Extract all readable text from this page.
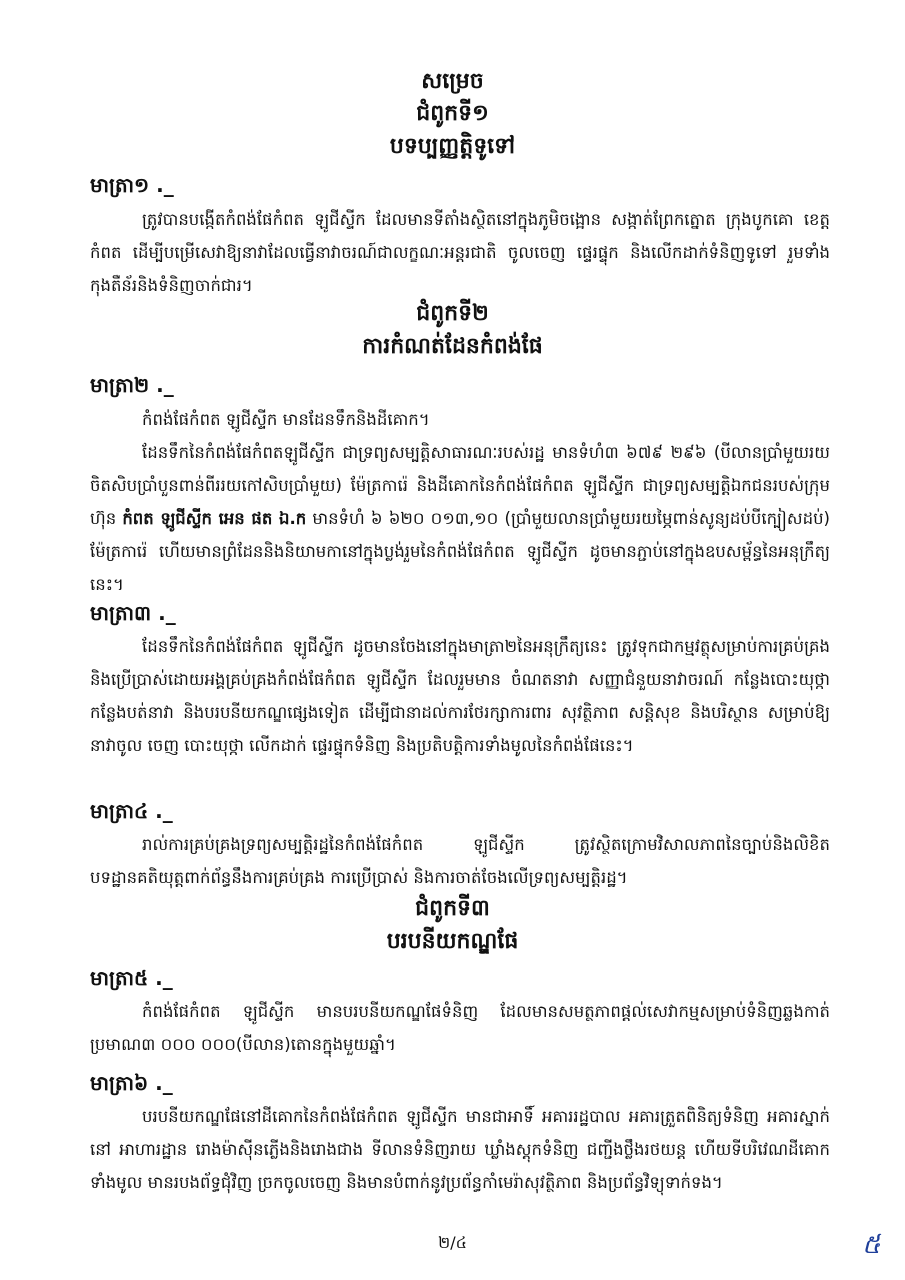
សម្រេច

ជំពូកទី១

បទប្បញ្ញត្តិទូទៅ

មាត្រា១ ._

ត្រូវបានបង្កើតកំពង់ផែកំពត ឡូជីស្ទីក ដែលមានទីតាំងស្ថិតនៅក្នុងភូមិចង្អោន សង្កាត់ព្រែកត្នោត ក្រុងបូកគោ ខេត្តកំពត ដើម្បីបម្រើសេវាឱ្យនាវាដែលធ្វើនាវាចរណ៍ជាលក្ខណៈអន្តរជាតិ ចូលចេញ ផ្ទេរផ្ទុក និងលើកដាក់ទំនិញទូទៅ រួមទាំងកុងតឺន័រនិងទំនិញចាក់ជារ។

ជំពូកទី២

ការកំណត់ដែនកំពង់ផែ

មាត្រា២ ._

កំពង់ផែកំពត ឡូជីស្ទីក មានដែនទឹកនិងដីគោក។

ដែនទឹកនៃកំពង់ផែកំពតឡូជីស្ទីក ជាទ្រព្យសម្បត្តិសាធារណៈរបស់រដ្ឋ មានទំហំ៣ ៦៧៩ ២៩៦ (បីលានប្រាំមួយរយចិតសិបប្រាំបួនពាន់ពីររយកៅសិបប្រាំមួយ) ម៉ែត្រការ៉េ និងដីគោកនៃកំពង់ផែកំពត ឡូជីស្ទីក ជាទ្រព្យសម្បត្តិឯកជនរបស់ក្រុមហ៊ុន កំពត ឡូជីស្ទីក អេន ផត ឯ.ក មានទំហំ ៦ ៦២០ ០១៣,១០ (ប្រាំមួយលានប្រាំមួយរយម្ភៃពាន់សូន្យដប់បីក្បៀសដប់) ម៉ែត្រការ៉េ ហើយមានព្រំដែននិងនិយាមកានៅក្នុងប្លង់រួមនៃកំពង់ផែកំពត ឡូជីស្ទីក ដូចមានភ្ជាប់នៅក្នុងឧបសម្ព័ន្ធនៃអនុក្រឹត្យនេះ។

មាត្រា៣ ._

ដែនទឹកនៃកំពង់ផែកំពត ឡូជីស្ទីក ដូចមានចែងនៅក្នុងមាត្រា២នៃអនុក្រឹត្យនេះ ត្រូវទុកជាកម្មវត្ថុសម្រាប់ការគ្រប់គ្រងនិងប្រើប្រាស់ដោយអង្គគ្រប់គ្រងកំពង់ផែកំពត ឡូជីស្ទីក ដែលរួមមាន ចំណតនាវា សញ្ញាជំនួយនាវាចរណ៍ កន្លែងបោះយុថ្កា កន្លែងបត់នាវា និងបរបនីយកណ្ឌផ្សេងទៀត ដើម្បីជានាដល់ការថែរក្សាការពារ សុវត្ថិភាព សន្តិសុខ និងបរិស្ថាន សម្រាប់ឱ្យនាវាចូល ចេញ បោះយុថ្កា លើកដាក់ ផ្ទេរផ្ទុកទំនិញ និងប្រតិបត្តិការទាំងមូលនៃកំពង់ផែនេះ។

មាត្រា៤ ._

រាល់ការគ្រប់គ្រងទ្រព្យសម្បត្តិរដ្ឋនៃកំពង់ផែកំពត ឡូជីស្ទីក ត្រូវស្ថិតក្រោមវិសាលភាពនៃច្បាប់និងលិខិតបទដ្ឋានគតិយុត្តពាក់ព័ន្ធនឹងការគ្រប់គ្រង ការប្រើប្រាស់ និងការចាត់ចែងលើទ្រព្យសម្បត្តិរដ្ឋ។

ជំពូកទី៣

បរបនីយកណ្ឌផែ

មាត្រា៥ ._

កំពង់ផែកំពត ឡូជីស្ទីក មានបរបនីយកណ្ឌផែទំនិញ ដែលមានសមត្ថភាពផ្តល់សេវាកម្មសម្រាប់ទំនិញឆ្លងកាត់ប្រមាណ៣ ០០០ ០០០(បីលាន)តោនក្នុងមួយឆ្នាំ។

មាត្រា៦ ._

បរបនីយកណ្ឌផែនៅដីគោកនៃកំពង់ផែកំពត ឡូជីស្ទីក មានជាអាទិ៍ អគាររដ្ឋបាល អគារត្រួតពិនិត្យទំនិញ អគារស្នាក់នៅ អាហារដ្ឋាន រោងម៉ាស៊ីនភ្លើងនិងរោងជាង ទីលានទំនិញរាយ ឃ្លាំងស្តុកទំនិញ ជញ្ជីងថ្លឹងរថយន្ត ហើយទីបរិវេណដីគោកទាំងមូល មានរបងព័ទ្ធជុំវិញ ច្រកចូលចេញ និងមានបំពាក់នូវប្រព័ន្ធកាំមេរ៉ាសុវត្ថិភាព និងប្រព័ន្ធវិទ្យុទាក់ទង។

២/៤	៥
